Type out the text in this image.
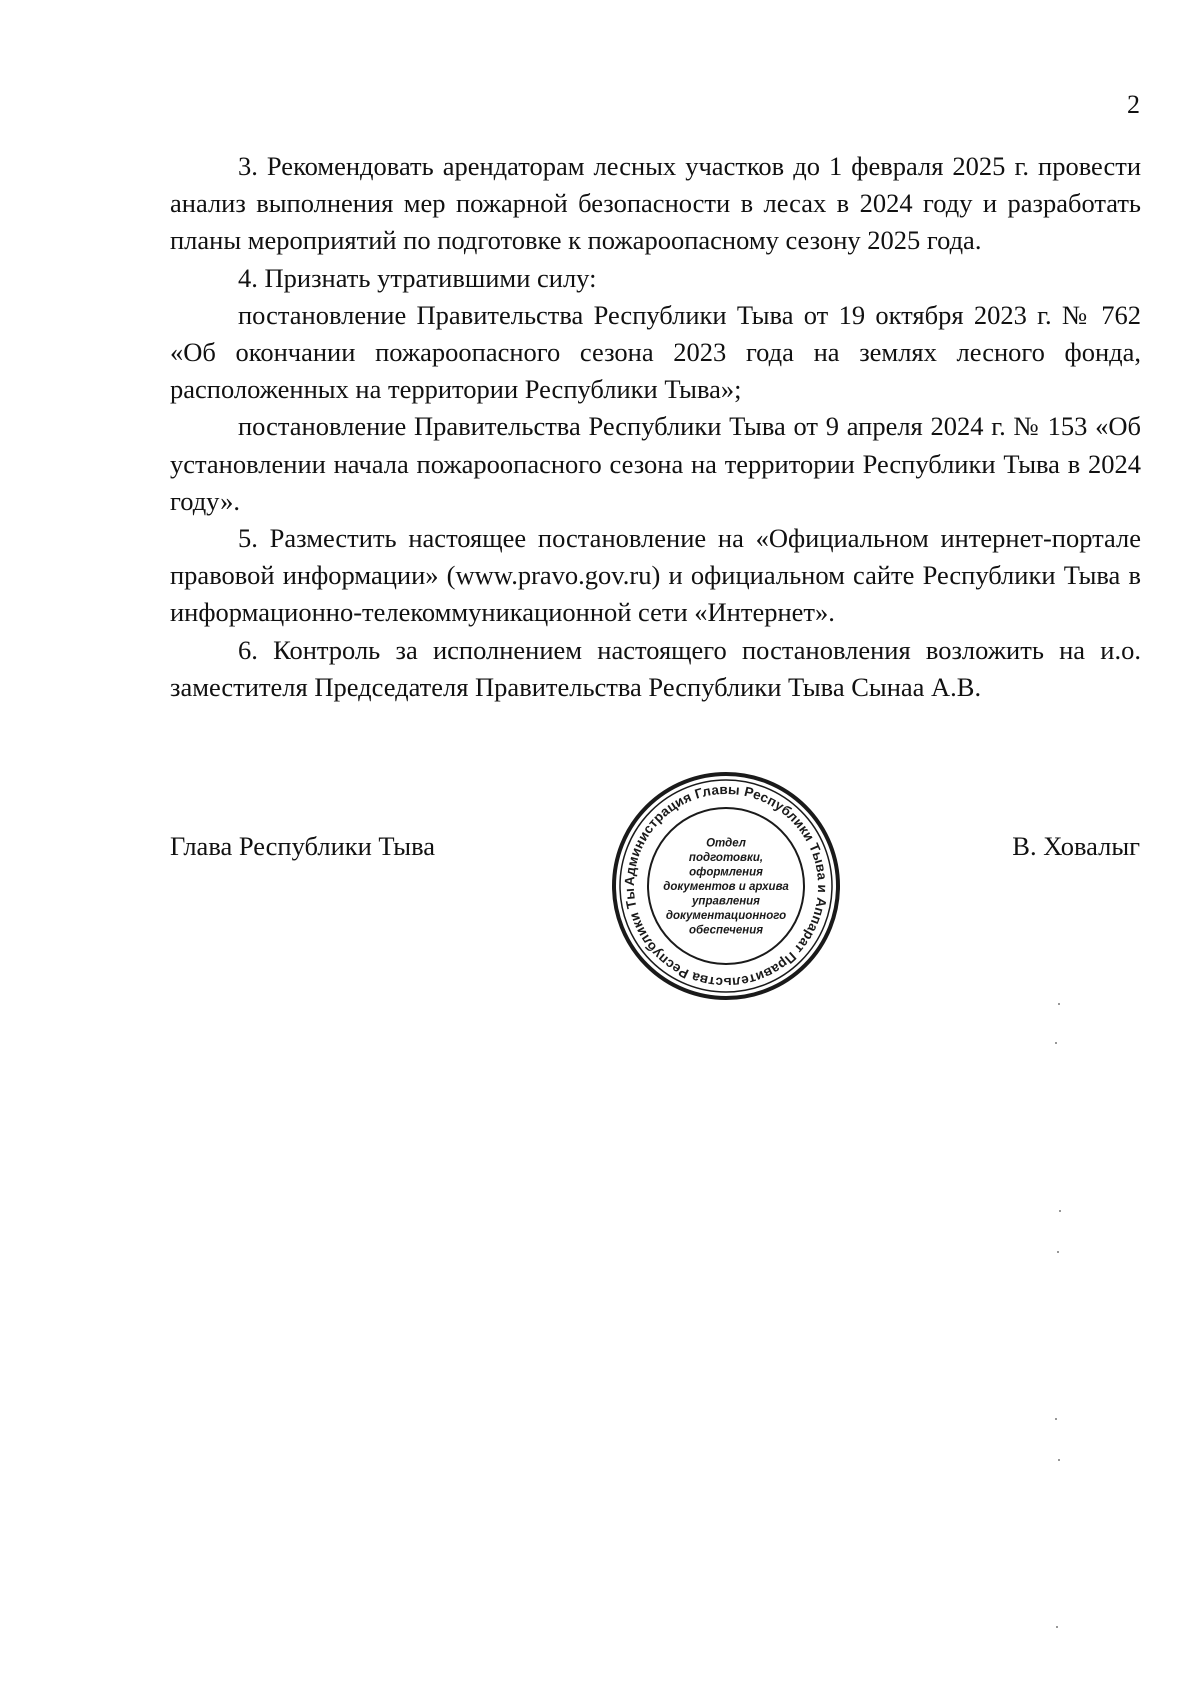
2

3. Рекомендовать арендаторам лесных участков до 1 февраля 2025 г. провести анализ выполнения мер пожарной безопасности в лесах в 2024 году и разработать планы мероприятий по подготовке к пожароопасному сезону 2025 года.

4. Признать утратившими силу:

постановление Правительства Республики Тыва от 19 октября 2023 г. № 762 «Об окончании пожароопасного сезона 2023 года на землях лесного фонда, расположенных на территории Республики Тыва»;

постановление Правительства Республики Тыва от 9 апреля 2024 г. № 153 «Об установлении начала пожароопасного сезона на территории Республики Тыва в 2024 году».

5. Разместить настоящее постановление на «Официальном интернет-портале правовой информации» (www.pravo.gov.ru) и официальном сайте Республики Тыва в информационно-телекоммуникационной сети «Интернет».

6. Контроль за исполнением настоящего постановления возложить на и.о. заместителя Председателя Правительства Республики Тыва Сынаа А.В.

Глава Республики Тыва	В. Ховалыг
Администрация Главы Республики Тыва и Аппарат Правительства Республики Ты
Отдел
подготовки,
оформления
документов и архива
управления
документационного
обеспечения
